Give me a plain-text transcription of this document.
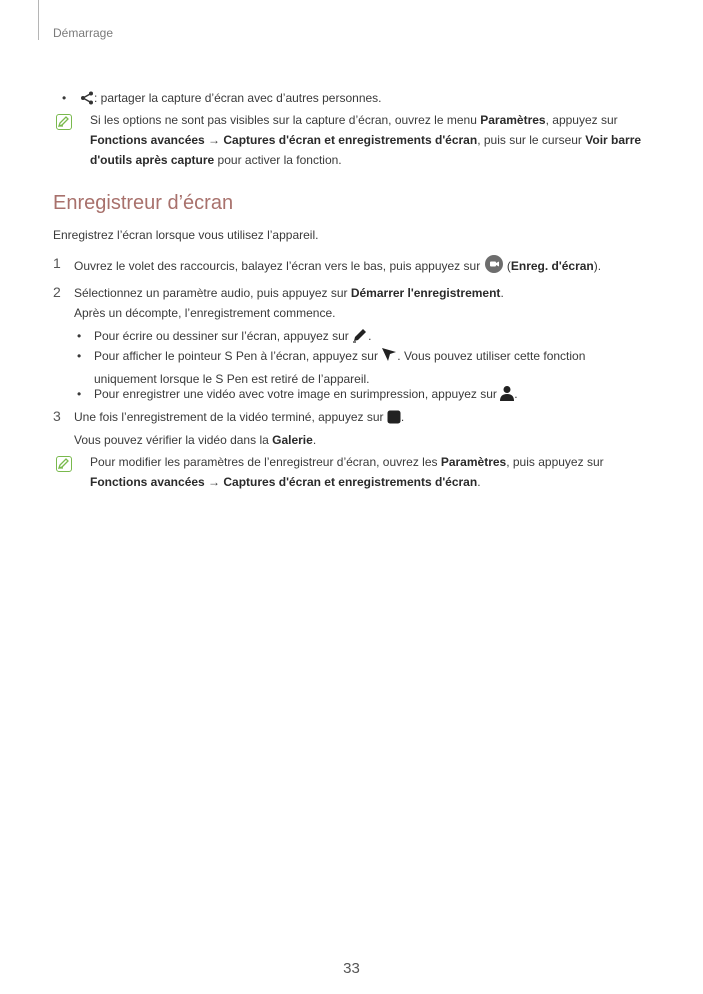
Démarrage
• : partager la capture d’écran avec d’autres personnes.
Si les options ne sont pas visibles sur la capture d’écran, ouvrez le menu Paramètres, appuyez sur
Fonctions avancées → Captures d'écran et enregistrements d'écran, puis sur le curseur Voir barre
d'outils après capture pour activer la fonction.
Enregistreur d’écran
Enregistrez l’écran lorsque vous utilisez l’appareil.
1 Ouvrez le volet des raccourcis, balayez l’écran vers le bas, puis appuyez sur  (Enreg. d'écran).
2 Sélectionnez un paramètre audio, puis appuyez sur Démarrer l'enregistrement.
Après un décompte, l’enregistrement commence.
• Pour écrire ou dessiner sur l’écran, appuyez sur .
• Pour afficher le pointeur S Pen à l’écran, appuyez sur . Vous pouvez utiliser cette fonction
uniquement lorsque le S Pen est retiré de l’appareil.
• Pour enregistrer une vidéo avec votre image en surimpression, appuyez sur .
3 Une fois l’enregistrement de la vidéo terminé, appuyez sur .
Vous pouvez vérifier la vidéo dans la Galerie.
Pour modifier les paramètres de l’enregistreur d’écran, ouvrez les Paramètres, puis appuyez sur
Fonctions avancées → Captures d'écran et enregistrements d'écran.
33
